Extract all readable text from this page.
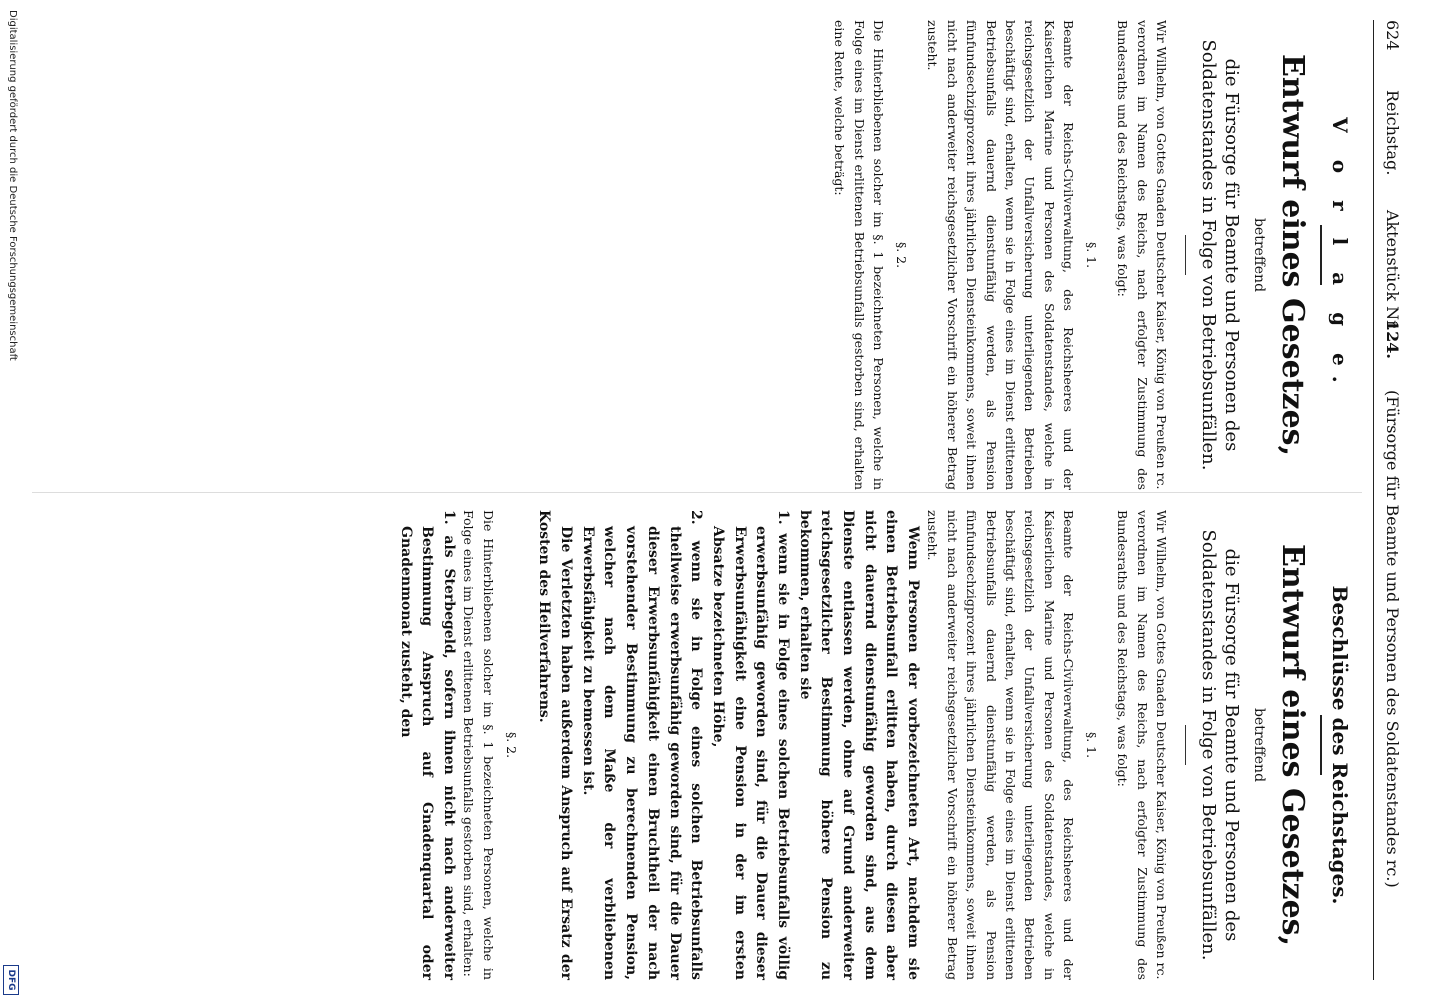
624
Reichstag.
Aktenstück Nr.
124.
(Fürsorge für Beamte und Personen des Soldatenstandes rc.)
V o r l a g e.
Entwurf eines Gesetzes,
betreffend
die Fürsorge für Beamte und Personen des Soldatenstandes in Folge von Betriebsunfällen.

Wir Wilhelm, von Gottes Gnaden Deutscher Kaiser, König von Preußen rc.

verordnen im Namen des Reichs, nach erfolgter Zustimmung des Bundesraths und des Reichstags, was folgt:

§. 1.

Beamte der Reichs-Civilverwaltung, des Reichsheeres und der Kaiserlichen Marine und Personen des Soldatenstandes, welche in reichsgesetzlich der Unfallversicherung unterliegenden Betrieben beschäftigt sind, erhalten, wenn sie in Folge eines im Dienst erlittenen Betriebsunfalls dauernd dienstunfähig werden, als Pension fünfundsechzigprozent ihres jährlichen Diensteinkommens, soweit ihnen nicht nach anderweiter reichsgesetzlicher Vorschrift ein höherer Betrag zusteht.

§. 2.

Die Hinterbliebenen solcher im §. 1 bezeichneten Personen, welche in Folge eines im Dienst erlittenen Betriebsunfalls gestorben sind, erhalten eine Rente, welche beträgt:

Beschlüsse des Reichstages.
Entwurf eines Gesetzes,
betreffend
die Fürsorge für Beamte und Personen des Soldatenstandes in Folge von Betriebsunfällen.

Wir Wilhelm, von Gottes Gnaden Deutscher Kaiser, König von Preußen rc.

verordnen im Namen des Reichs, nach erfolgter Zustimmung des Bundesraths und des Reichstags, was folgt:

§. 1.

Beamte der Reichs-Civilverwaltung, des Reichsheeres und der Kaiserlichen Marine und Personen des Soldatenstandes, welche in reichsgesetzlich der Unfallversicherung unterliegenden Betrieben beschäftigt sind, erhalten, wenn sie in Folge eines im Dienst erlittenen Betriebsunfalls dauernd dienstunfähig werden, als Pension fünfundsechzigprozent ihres jährlichen Diensteinkommens, soweit ihnen nicht nach anderweiter reichsgesetzlicher Vorschrift ein höherer Betrag zusteht.

Wenn Personen der vorbezeichneten Art, nachdem sie einen Betriebsunfall erlitten haben, durch diesen aber nicht dauernd dienstunfähig geworden sind, aus dem Dienste entlassen werden, ohne auf Grund anderweiter reichsgesetzlicher Bestimmung höhere Pension zu bekommen, erhalten sie

1. wenn sie in Folge eines solchen Betriebsunfalls völlig erwerbsunfähig geworden sind, für die Dauer dieser Erwerbsunfähigkeit eine Pension in der im ersten Absatze bezeichneten Höhe,

2. wenn sie in Folge eines solchen Betriebsunfalls theilweise erwerbsunfähig geworden sind, für die Dauer dieser Erwerbsunfähigkeit einen Bruchtheil der nach vorstehender Bestimmung zu berechnenden Pension, welcher nach dem Maße der verbliebenen Erwerbsfähigkeit zu bemessen ist.

Die Verletzten haben außerdem Anspruch auf Ersatz der Kosten des Heilverfahrens.

§. 2.

Die Hinterbliebenen solcher im §. 1 bezeichneten Personen, welche in Folge eines im Dienst erlittenen Betriebsunfalls gestorben sind, erhalten:

1. als Sterbegeld, sofern ihnen nicht nach anderweiter Bestimmung Anspruch auf Gnadenquartal oder Gnadenmonat zusteht, den

Digitalisierung gefördert durch die Deutsche Forschungsgemeinschaft
DFG
